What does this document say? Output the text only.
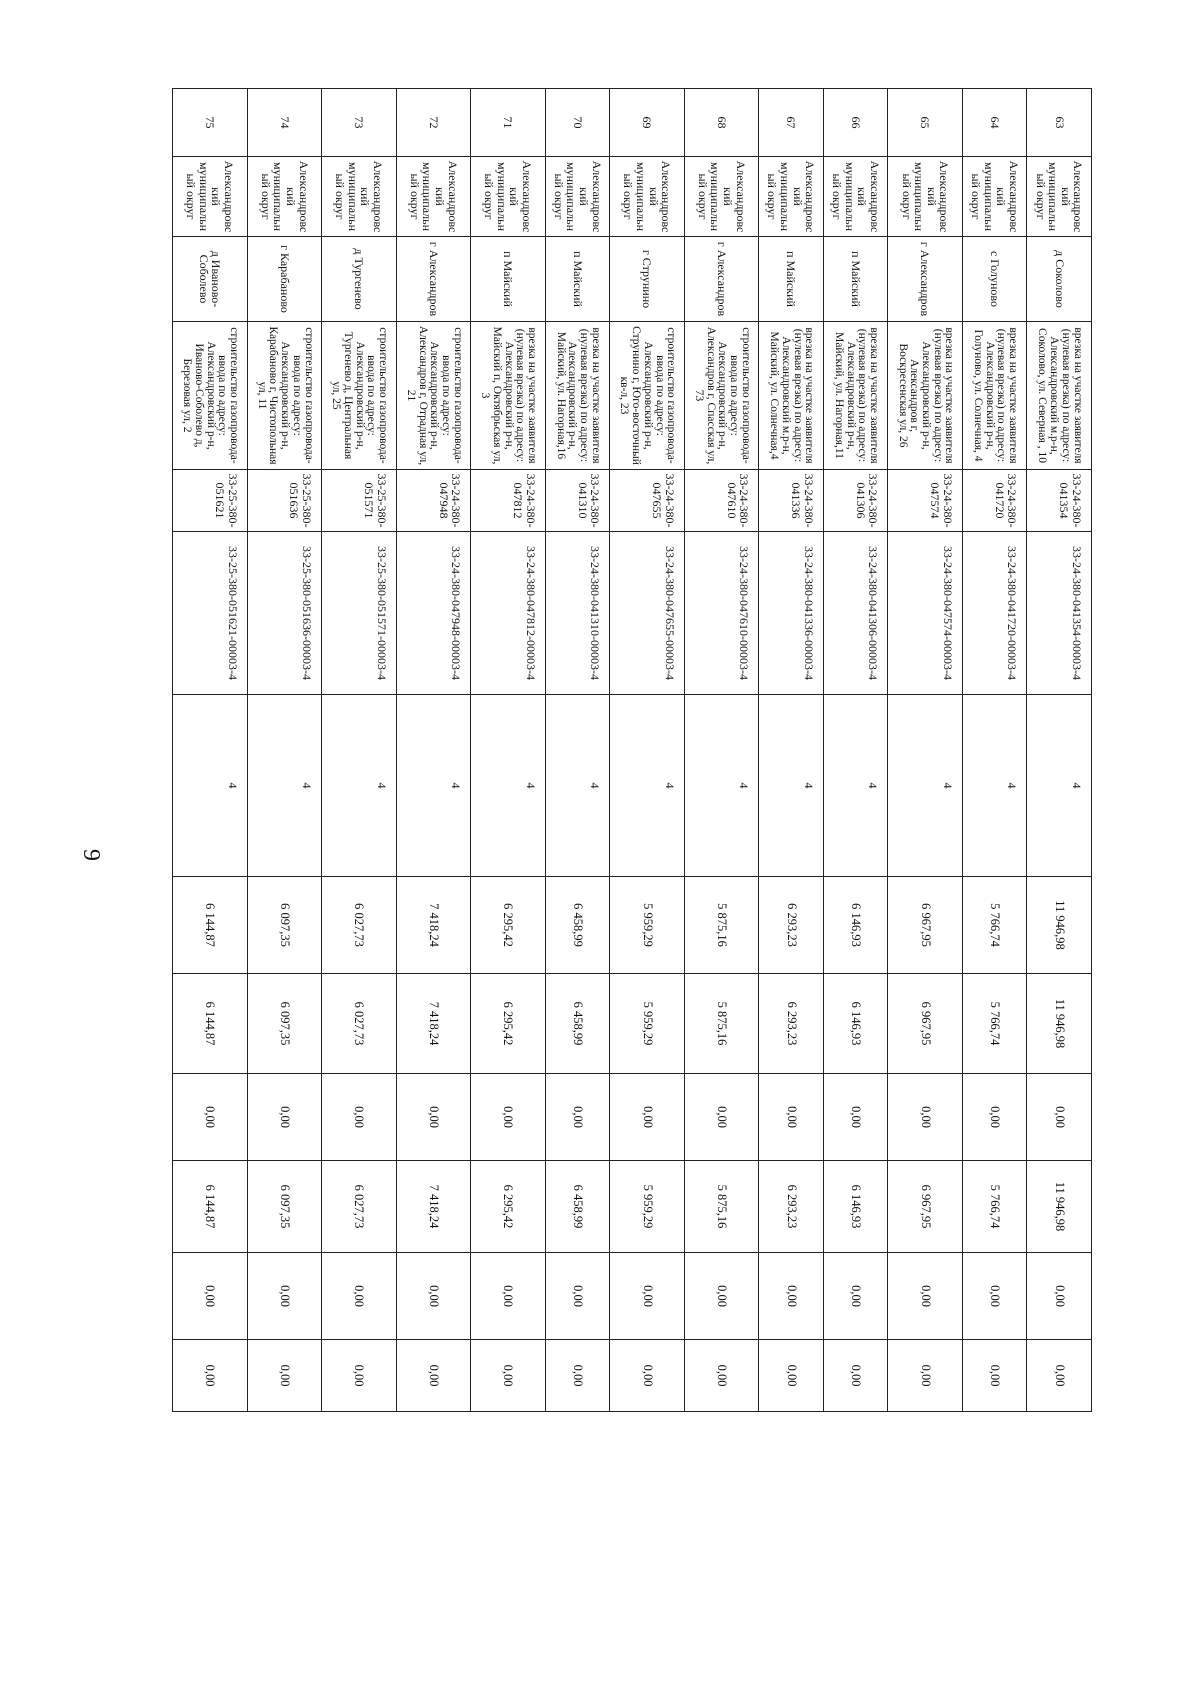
9
63	Александровский муниципальный округ	д Соколово	врезка на участке заявителя (нулевая врезка) по адресу: Александровский м.р-н, Соколово, ул. Северная , 10	33-24-380-041354	33-24-380-041354-00003-4	4	11 946,98	11 946,98	0,00	11 946,98	0,00	0,00
64	Александровский муниципальный округ	с Голуново	врезка на участке заявителя (нулевая врезка) по адресу: Александровский р-н, Голуново, ул. Солнечная, 4	33-24-380-041720	33-24-380-041720-00003-4	4	5 766,74	5 766,74	0,00	5 766,74	0,00	0,00
65	Александровский муниципальный округ	г Александров	врезка на участке заявителя (нулевая врезка) по адресу: Александровский р-н, Александров г, Воскресенская ул, 26	33-24-380-047574	33-24-380-047574-00003-4	4	6 967,95	6 967,95	0,00	6 967,95	0,00	0,00
66	Александровский муниципальный округ	п Майский	врезка на участке заявителя (нулевая врезка) по адресу: Александровский р-н, Майский, ул. Нагорная,11	33-24-380-041306	33-24-380-041306-00003-4	4	6 146,93	6 146,93	0,00	6 146,93	0,00	0,00
67	Александровский муниципальный округ	п Майский	врезка на участке заявителя (нулевая врезка) по адресу: Александровский м.р-н, Майский, ул. Солнечная,4	33-24-380-041336	33-24-380-041336-00003-4	4	6 293,23	6 293,23	0,00	6 293,23	0,00	0,00
68	Александровский муниципальный округ	г Александров	строительство газопровода-ввода по адресу: Александровский р-н, Александров г, Спасская ул, 73	33-24-380-047610	33-24-380-047610-00003-4	4	5 875,16	5 875,16	0,00	5 875,16	0,00	0,00
69	Александровский муниципальный округ	г Струнино	строительство газопровода-ввода по адресу: Александровский р-н, Струнино г, Юго-восточный кв-л, 23	33-24-380-047655	33-24-380-047655-00003-4	4	5 959,29	5 959,29	0,00	5 959,29	0,00	0,00
70	Александровский муниципальный округ	п Майский	врезка на участке заявителя (нулевая врезка) по адресу: Александровский р-н, Майский, ул. Нагорная,16	33-24-380-041310	33-24-380-041310-00003-4	4	6 458,99	6 458,99	0,00	6 458,99	0,00	0,00
71	Александровский муниципальный округ	п Майский	врезка на участке заявителя (нулевая врезка) по адресу: Александровский р-н, Майский п, Октябрьская ул, 3	33-24-380-047812	33-24-380-047812-00003-4	4	6 295,42	6 295,42	0,00	6 295,42	0,00	0,00
72	Александровский муниципальный округ	г Александров	строительство газопровода-ввода по адресу: Александровский р-н, Александров г, Отрадная ул, 21	33-24-380-047948	33-24-380-047948-00003-4	4	7 418,24	7 418,24	0,00	7 418,24	0,00	0,00
73	Александровский муниципальный округ	д Тургенево	строительство газопровода-ввода по адресу: Александровский р-н, Тургенево д, Центральная ул, 25	33-25-380-051571	33-25-380-051571-00003-4	4	6 027,73	6 027,73	0,00	6 027,73	0,00	0,00
74	Александровский муниципальный округ	г Карабаново	строительство газопровода-ввода по адресу: Александровский р-н, Карабаново г, Чистопольная ул, 11	33-25-380-051636	33-25-380-051636-00003-4	4	6 097,35	6 097,35	0,00	6 097,35	0,00	0,00
75	Александровский муниципальный округ	д Иваново-Соболево	строительство газопровода-ввода по адресу: Александровский р-н, Иваново-Соболево д, Березовая ул, 2	33-25-380-051621	33-25-380-051621-00003-4	4	6 144,87	6 144,87	0,00	6 144,87	0,00	0,00
